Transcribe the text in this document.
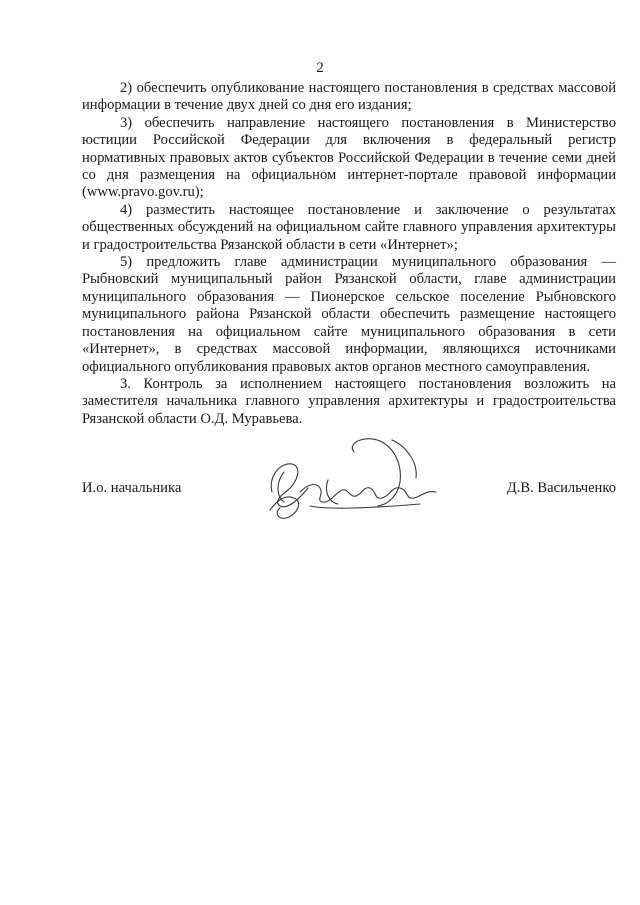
2

2) обеспечить опубликование настоящего постановления в средствах массовой информации в течение двух дней со дня его издания;

3) обеспечить направление настоящего постановления в Министерство юстиции Российской Федерации для включения в федеральный регистр нормативных правовых актов субъектов Российской Федерации в течение семи дней со дня размещения на официальном интернет-портале правовой информации (www.pravo.gov.ru);

4) разместить настоящее постановление и заключение о результатах общественных обсуждений на официальном сайте главного управления архитектуры и градостроительства Рязанской области в сети «Интернет»;

5) предложить главе администрации муниципального образования — Рыбновский муниципальный район Рязанской области, главе администрации муниципального образования — Пионерское сельское поселение Рыбновского муниципального района Рязанской области обеспечить размещение настоящего постановления на официальном сайте муниципального образования в сети «Интернет», в средствах массовой информации, являющихся источниками официального опубликования правовых актов органов местного самоуправления.

3. Контроль за исполнением настоящего постановления возложить на заместителя начальника главного управления архитектуры и градостроительства Рязанской области О.Д. Муравьева.

И.о. начальника	Д.В. Васильченко
